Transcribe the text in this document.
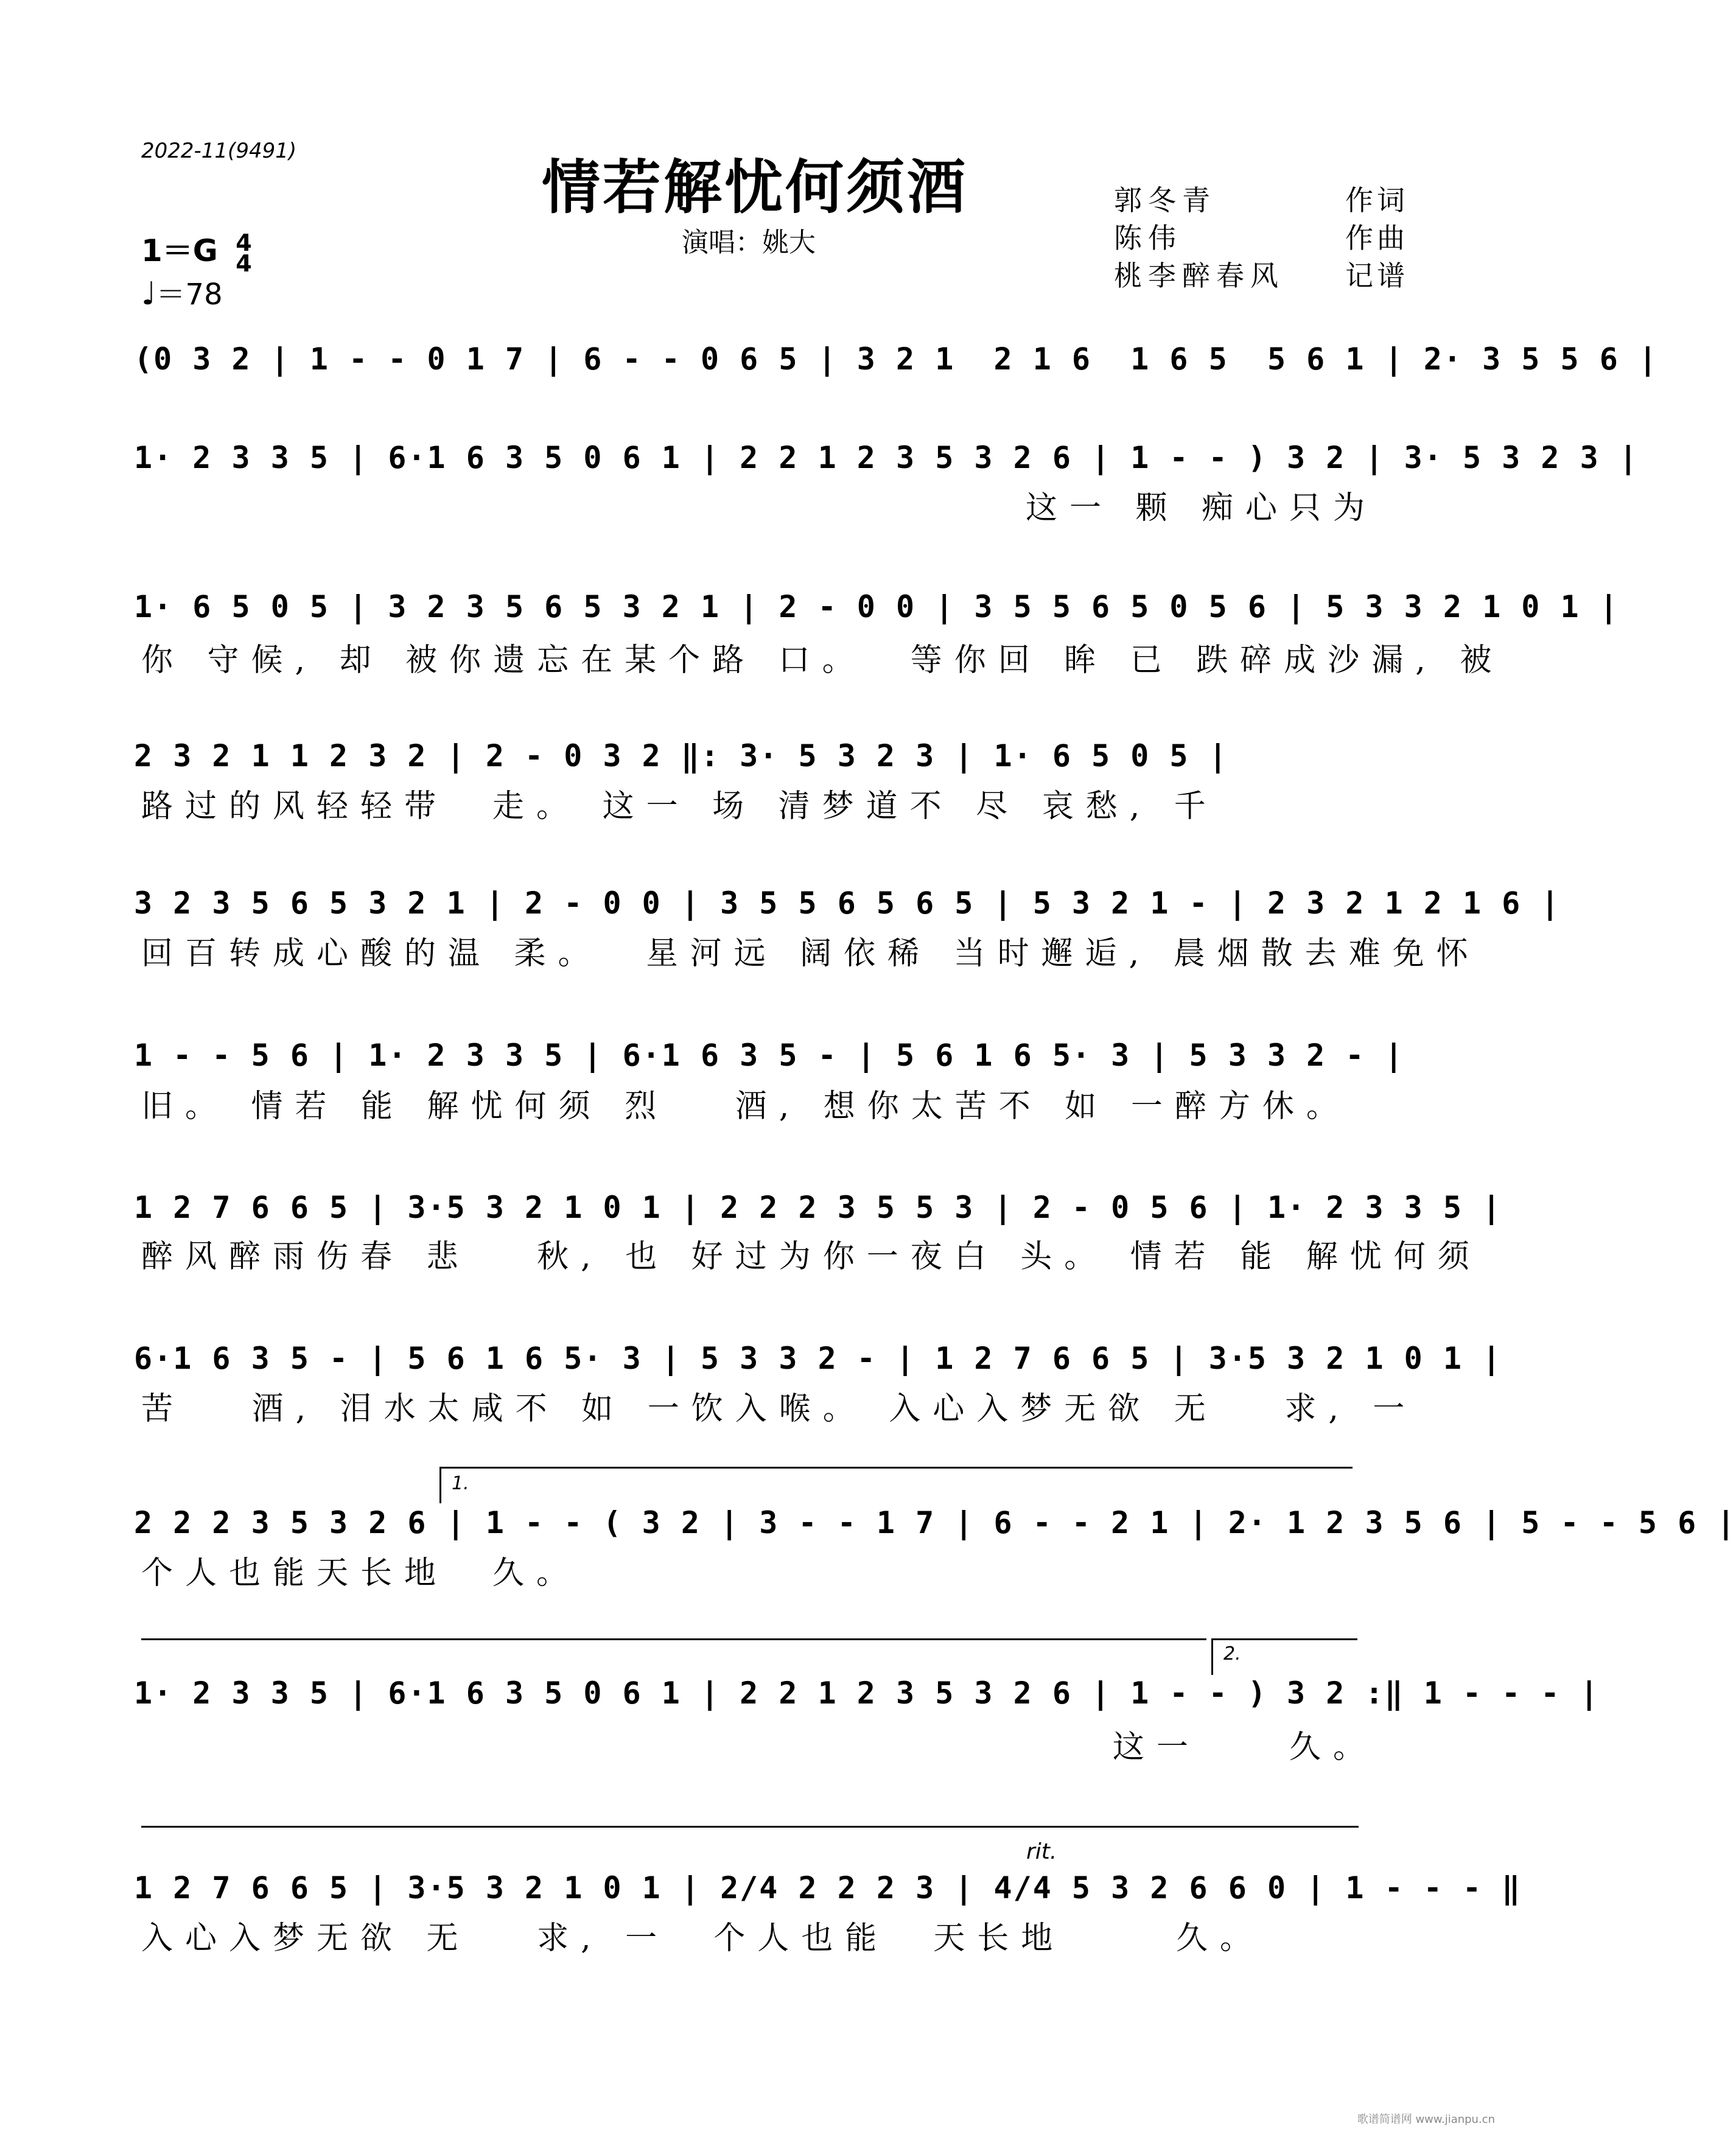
2022-11(9491)
情若解忧何须酒
演唱：姚大
郭冬青	作词
陈伟	作曲
桃李醉春风	记谱
1＝G 4
4
♩＝78
(0 3 2 | 1 - - 0 1 7 | 6 - - 0 6 5 | 3 2 1  2 1 6  1 6 5  5 6 1 | 2· 3 5 5 6 |
1· 2 3 3 5 | 6·1 6 3 5 0 6 1 | 2 2 1 2 3 5 3 2 6 | 1 - - ) 3 2 | 3· 5 3 2 3 |
这一 颗 痴心只为
1· 6 5 0 5 | 3 2 3 5 6 5 3 2 1 | 2 - 0 0 | 3 5 5 6 5 0 5 6 | 5 3 3 2 1 0 1 |
你 守候, 却 被你遗忘在某个路 口。  等你回 眸 已 跌碎成沙漏, 被
2 3 2 1 1 2 3 2 | 2 - 0 3 2 ‖: 3· 5 3 2 3 | 1· 6 5 0 5 |
路过的风轻轻带  走。 这一 场 清梦道不 尽 哀愁, 千
3 2 3 5 6 5 3 2 1 | 2 - 0 0 | 3 5 5 6 5 6 5 | 5 3 2 1 - | 2 3 2 1 2 1 6 |
回百转成心酸的温 柔。  星河远 阔依稀 当时邂逅, 晨烟散去难免怀
1 - - 5 6 | 1· 2 3 3 5 | 6·1 6 3 5 - | 5 6 1 6 5· 3 | 5 3 3 2 - |
旧。 情若 能 解忧何须 烈   酒, 想你太苦不 如 一醉方休。
1 2 7 6 6 5 | 3·5 3 2 1 0 1 | 2 2 2 3 5 5 3 | 2 - 0 5 6 | 1· 2 3 3 5 |
醉风醉雨伤春 悲   秋, 也 好过为你一夜白 头。 情若 能 解忧何须
6·1 6 3 5 - | 5 6 1 6 5· 3 | 5 3 3 2 - | 1 2 7 6 6 5 | 3·5 3 2 1 0 1 |
苦   酒, 泪水太咸不 如 一饮入喉。 入心入梦无欲 无   求, 一
1.
2 2 2 3 5 3 2 6 | 1 - - ( 3 2 | 3 - - 1 7 | 6 - - 2 1 | 2· 1 2 3 5 6 | 5 - - 5 6 |
个人也能天长地  久。
2.
1· 2 3 3 5 | 6·1 6 3 5 0 6 1 | 2 2 1 2 3 5 3 2 6 | 1 - - ) 3 2 :‖ 1 - - - |
这一    久。
rit.
1 2 7 6 6 5 | 3·5 3 2 1 0 1 | 2/4 2 2 2 3 | 4/4 5 3 2 6 6 0 | 1 - - - ‖
入心入梦无欲 无   求, 一  个人也能  天长地     久。
歌谱简谱网 www.jianpu.cn
